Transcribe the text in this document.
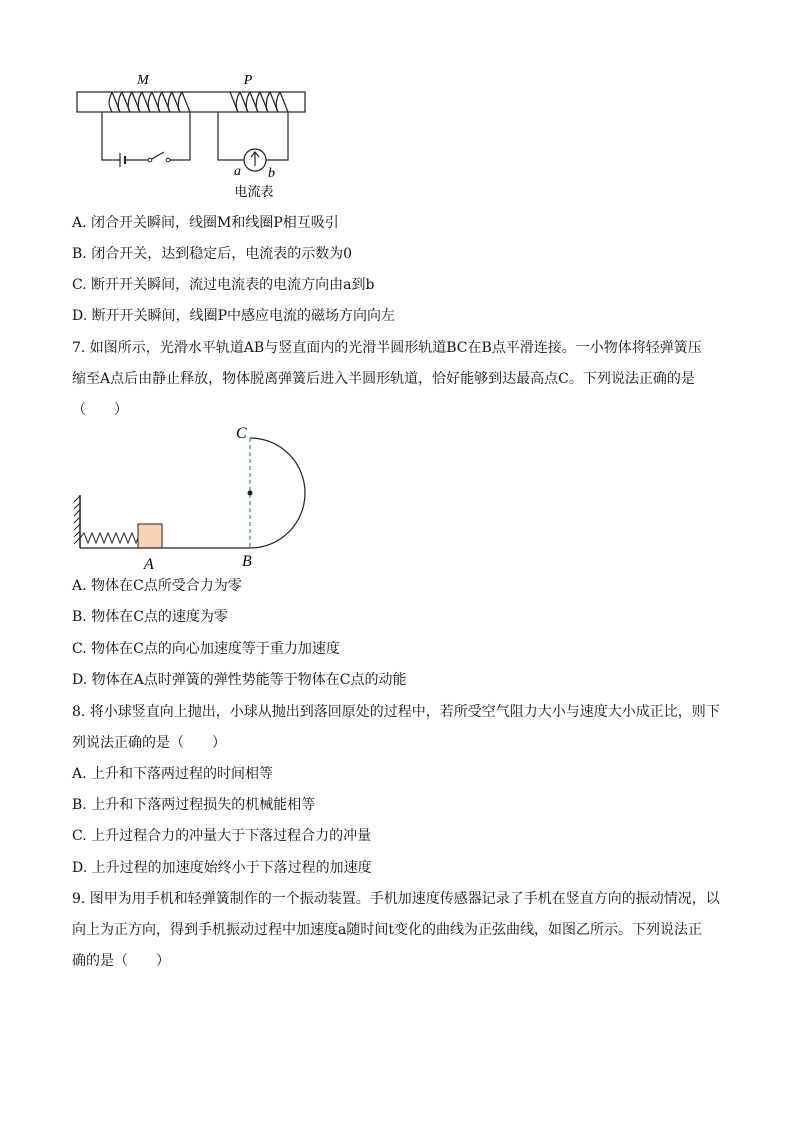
M	P
a b
电流表
A. 闭合开关瞬间，线圈M和线圈P相互吸引
B. 闭合开关，达到稳定后，电流表的示数为0
C. 断开开关瞬间，流过电流表的电流方向由a到b
D. 断开开关瞬间，线圈P中感应电流的磁场方向向左
7. 如图所示，光滑水平轨道AB与竖直面内的光滑半圆形轨道BC在B点平滑连接。一小物体将轻弹簧压
缩至A点后由静止释放，物体脱离弹簧后进入半圆形轨道，恰好能够到达最高点C。下列说法正确的是
（　　）
C
A	B
A. 物体在C点所受合力为零
B. 物体在C点的速度为零
C. 物体在C点的向心加速度等于重力加速度
D. 物体在A点时弹簧的弹性势能等于物体在C点的动能
8. 将小球竖直向上抛出，小球从抛出到落回原处的过程中，若所受空气阻力大小与速度大小成正比，则下
列说法正确的是（　　）
A. 上升和下落两过程的时间相等
B. 上升和下落两过程损失的机械能相等
C. 上升过程合力的冲量大于下落过程合力的冲量
D. 上升过程的加速度始终小于下落过程的加速度
9. 图甲为用手机和轻弹簧制作的一个振动装置。手机加速度传感器记录了手机在竖直方向的振动情况，以
向上为正方向，得到手机振动过程中加速度a随时间t变化的曲线为正弦曲线，如图乙所示。下列说法正
确的是（　　）
